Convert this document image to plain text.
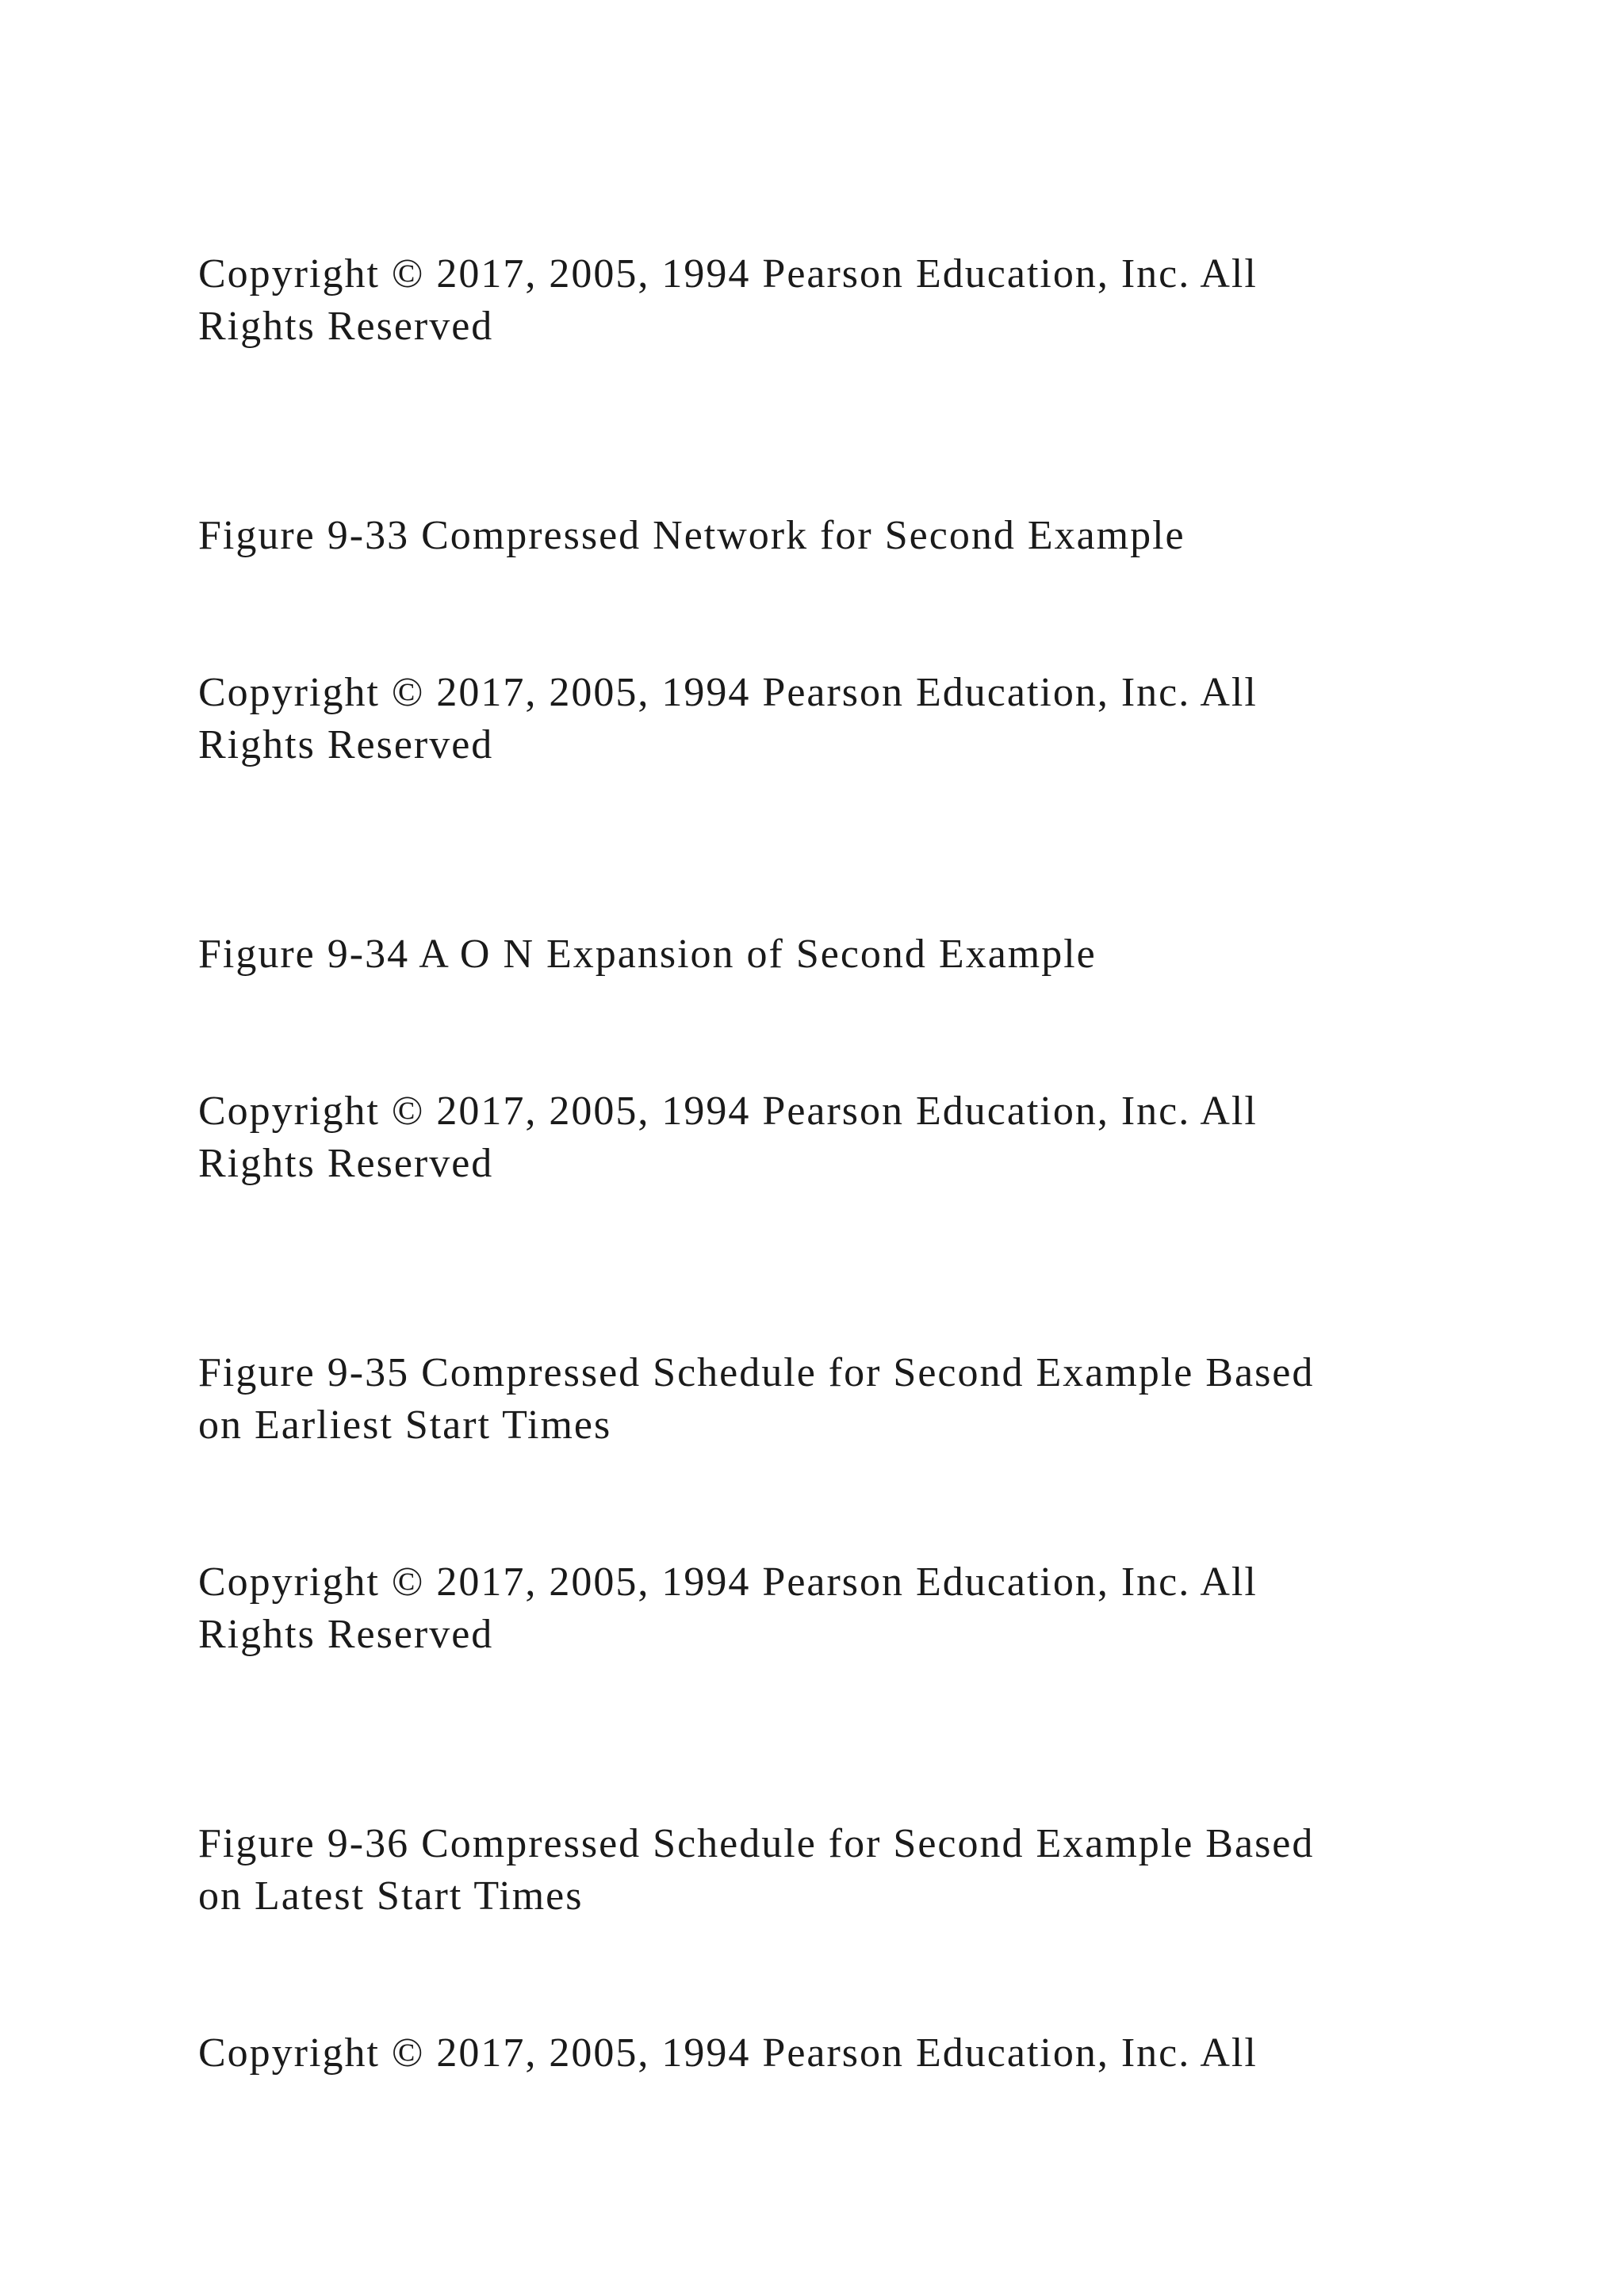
Copyright © 2017, 2005, 1994 Pearson Education, Inc. All

Rights Reserved

Figure 9-33 Compressed Network for Second Example

Copyright © 2017, 2005, 1994 Pearson Education, Inc. All

Rights Reserved

Figure 9-34 A O N Expansion of Second Example

Copyright © 2017, 2005, 1994 Pearson Education, Inc. All

Rights Reserved

Figure 9-35 Compressed Schedule for Second Example Based

on Earliest Start Times

Copyright © 2017, 2005, 1994 Pearson Education, Inc. All

Rights Reserved

Figure 9-36 Compressed Schedule for Second Example Based

on Latest Start Times

Copyright © 2017, 2005, 1994 Pearson Education, Inc. All
